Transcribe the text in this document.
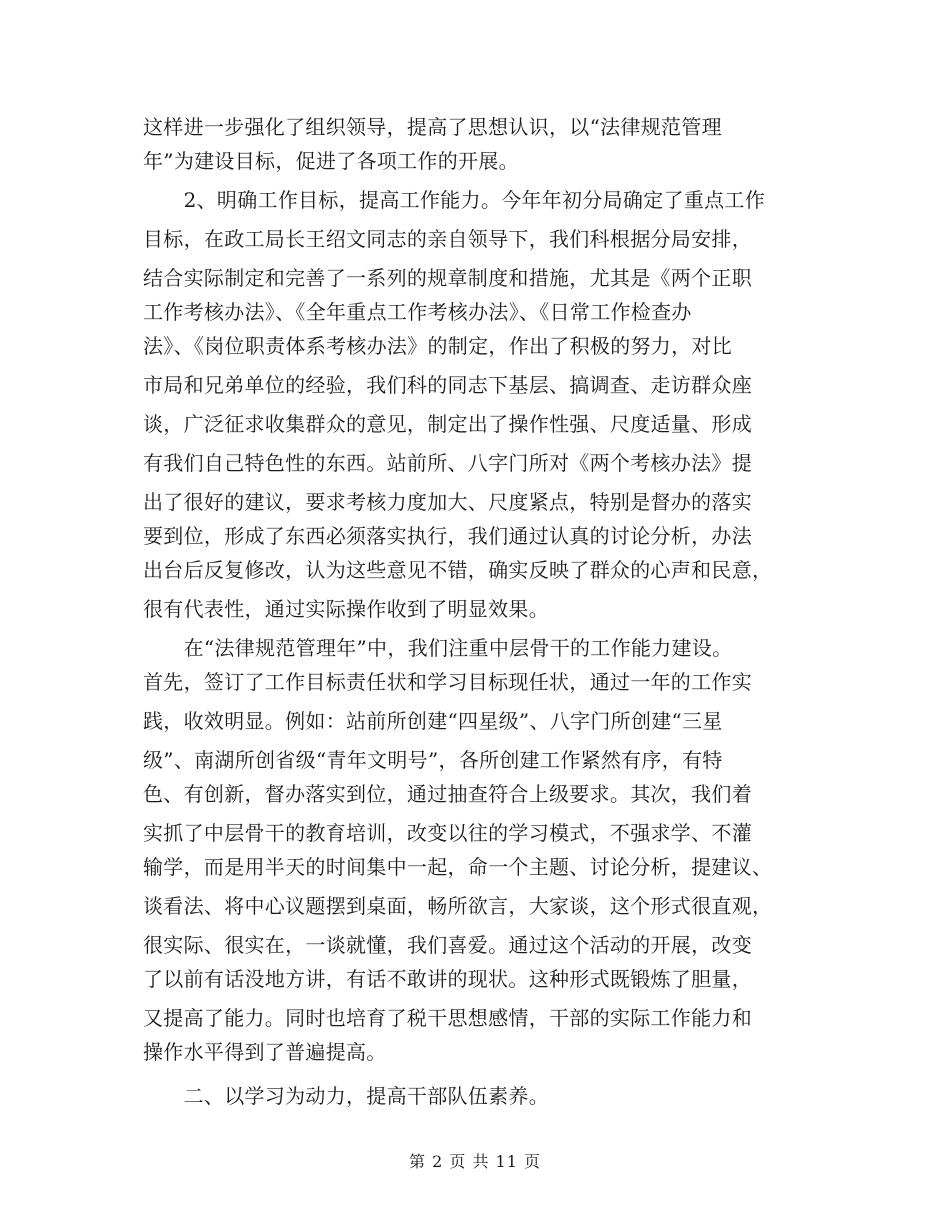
这样进一步强化了组织领导，提高了思想认识，以“法律规范管理
年”为建设目标，促进了各项工作的开展。
　　2、明确工作目标，提高工作能力。今年年初分局确定了重点工作
目标，在政工局长王绍文同志的亲自领导下，我们科根据分局安排，
结合实际制定和完善了一系列的规章制度和措施，尤其是《两个正职
工作考核办法》、《全年重点工作考核办法》、《日常工作检查办
法》、《岗位职责体系考核办法》的制定，作出了积极的努力，对比
市局和兄弟单位的经验，我们科的同志下基层、搞调查、走访群众座
谈，广泛征求收集群众的意见，制定出了操作性强、尺度适量、形成
有我们自己特色性的东西。站前所、八字门所对《两个考核办法》提
出了很好的建议，要求考核力度加大、尺度紧点，特别是督办的落实
要到位，形成了东西必须落实执行，我们通过认真的讨论分析，办法
出台后反复修改，认为这些意见不错，确实反映了群众的心声和民意，
很有代表性，通过实际操作收到了明显效果。
　　在“法律规范管理年”中，我们注重中层骨干的工作能力建设。
首先，签订了工作目标责任状和学习目标现任状，通过一年的工作实
践，收效明显。例如：站前所创建“四星级”、八字门所创建“三星
级”、南湖所创省级“青年文明号”，各所创建工作紧然有序，有特
色、有创新，督办落实到位，通过抽查符合上级要求。其次，我们着
实抓了中层骨干的教育培训，改变以往的学习模式，不强求学、不灌
输学，而是用半天的时间集中一起，命一个主题、讨论分析，提建议、
谈看法、将中心议题摆到桌面，畅所欲言，大家谈，这个形式很直观，
很实际、很实在，一谈就懂，我们喜爱。通过这个活动的开展，改变
了以前有话没地方讲，有话不敢讲的现状。这种形式既锻炼了胆量，
又提高了能力。同时也培育了税干思想感情，干部的实际工作能力和
操作水平得到了普遍提高。
　　二、以学习为动力，提高干部队伍素养。
第 2 页 共 11 页
